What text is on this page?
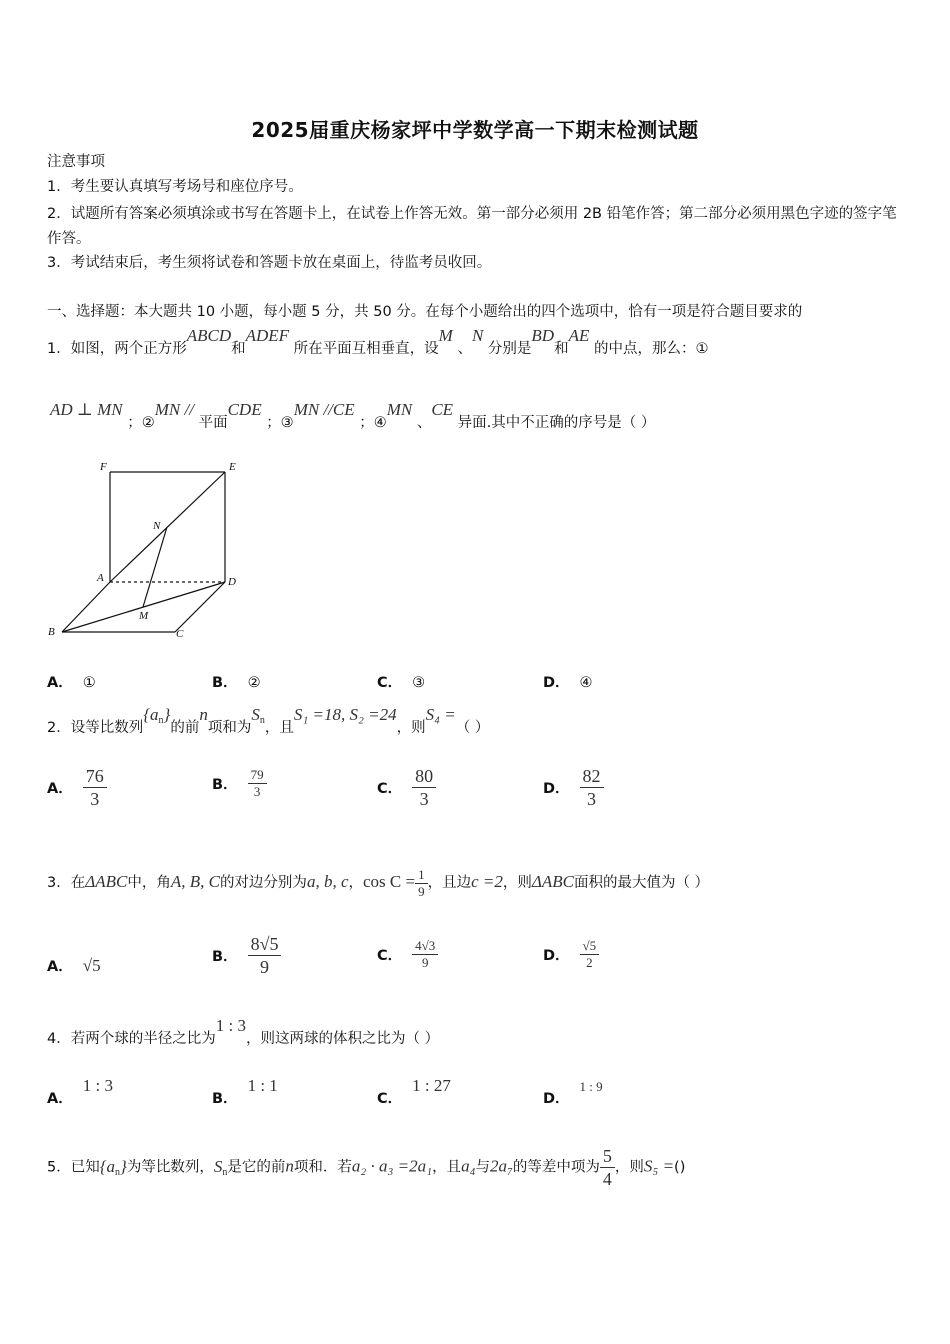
2025届重庆杨家坪中学数学高一下期末检测试题
注意事项
1．考生要认真填写考场号和座位序号。
2．试题所有答案必须填涂或书写在答题卡上，在试卷上作答无效。第一部分必须用 2B 铅笔作答；第二部分必须用黑色字迹的签字笔作答。
3．考试结束后，考生须将试卷和答题卡放在桌面上，待监考员收回。
一、选择题：本大题共 10 小题，每小题 5 分，共 50 分。在每个小题给出的四个选项中，恰有一项是符合题目要求的
1．如图，两个正方形ABCD和ADEF 所在平面互相垂直，设M 、N 分别是BD和AE 的中点，那么：①
AD ⊥ MN ；②MN // 平面CDE ；③MN //CE ；④MN 、CE 异面.其中不正确的序号是（ ）
F	E
N
A	D
M
B	C
A． ①	B． ②	C． ③	D． ④
2．设等比数列$\{a_n\}$的前n项和为$S_n$，且S₁ =18, S₂ =24，则S₄ =（ ）
A． $\frac{76}{3}$	B． $\frac{79}{3}$	C． $\frac{80}{3}$	D． $\frac{82}{3}$
3．在ΔABC中，角A, B, C的对边分别为a, b, c，$\cos C = \frac{1}{9}$ ，且边c =2，则ΔABC面积的最大值为（ ）
A． √5	B． $\frac{8√5}{9}$	C． $\frac{4√3}{9}$	D． $\frac{√5}{2}$
4．若两个球的半径之比为1 : 3，则这两球的体积之比为（ ）
A．1 : 3
B．1 : 1
C．1 : 27
D．1 : 9
5．已知$\{a_n\}$为等比数列，$S_n$是它的前n项和．若a₂ · a₃ =2a₁，且a₄与2a₇的等差中项为 $\frac{5}{4}$ ，则S₅ =()
